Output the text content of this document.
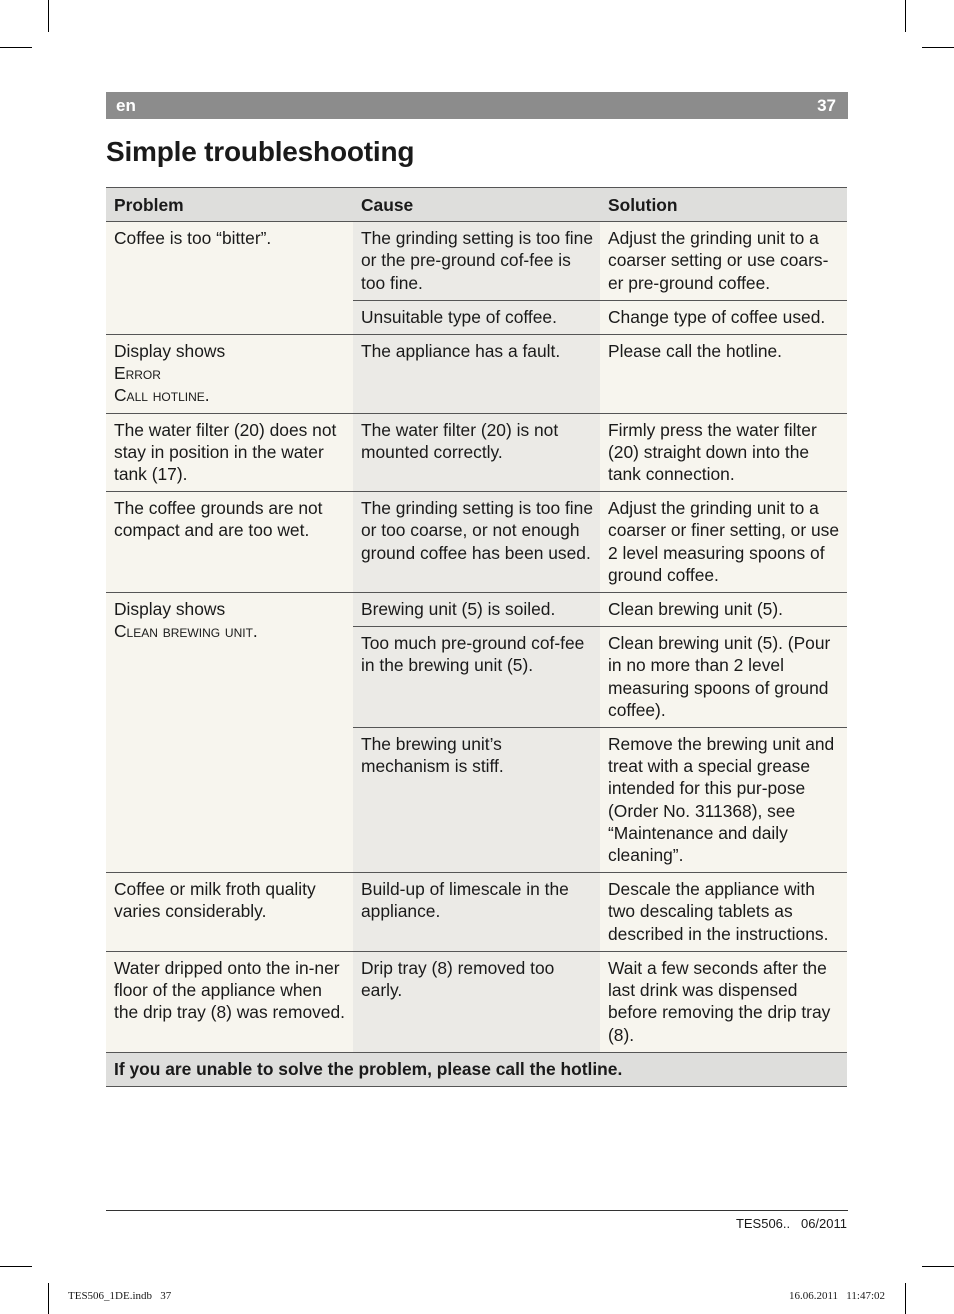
en	37
Simple troubleshooting
Problem	Cause	Solution
Coffee is too “bitter”.	The grinding setting is too fine or the pre-ground cof-fee is too fine.	Adjust the grinding unit to a coarser setting or use coars-er pre-ground coffee.
	Unsuitable type of coffee.	Change type of coffee used.
Display shows
Error
Call hotline.	The appliance has a fault.	Please call the hotline.
The water filter (20) does not stay in position in the water tank (17).	The water filter (20) is not mounted correctly.	Firmly press the water filter (20) straight down into the tank connection.
The coffee grounds are not compact and are too wet.	The grinding setting is too fine or too coarse, or not enough ground coffee has been used.	Adjust the grinding unit to a coarser or finer setting, or use 2 level measuring spoons of ground coffee.
Display shows
Clean brewing unit.	Brewing unit (5) is soiled.	Clean brewing unit (5).
	Too much pre-ground cof-fee in the brewing unit (5).	Clean brewing unit (5). (Pour in no more than 2 level measuring spoons of ground coffee).
	The brewing unit’s mechanism is stiff.	Remove the brewing unit and treat with a special grease intended for this pur-pose (Order No. 311368), see “Maintenance and daily cleaning”.
Coffee or milk froth quality varies considerably.	Build-up of limescale in the appliance.	Descale the appliance with two descaling tablets as described in the instructions.
Water dripped onto the in-ner floor of the appliance when the drip tray (8) was removed.	Drip tray (8) removed too early.	Wait a few seconds after the last drink was dispensed before removing the drip tray (8).
If you are unable to solve the problem, please call the hotline.		
TES506..   06/2011
TES506_1DE.indb   37	16.06.2011   11:47:02
